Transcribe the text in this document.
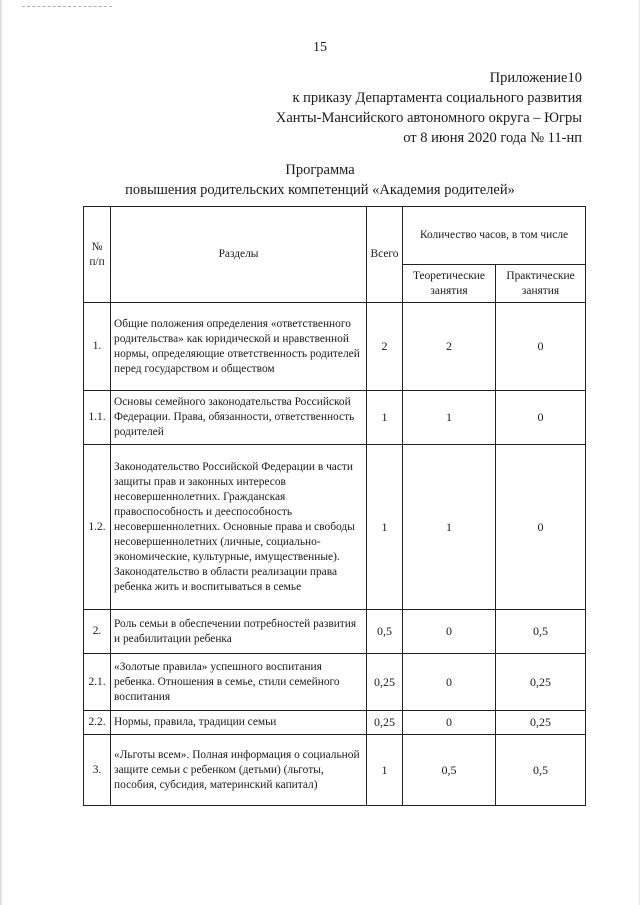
15
Приложение10
к приказу Департамента социального развития
Ханты-Мансийского автономного округа – Югры
от 8 июня 2020 года № 11-нп
Программа
повышения родительских компетенций «Академия родителей»
№ п/п	Разделы	Всего	Количество часов, в том числе	
			Теоретические занятия	Практические занятия
1.	Общие положения определения «ответственного родительства» как юридической и нравственной нормы, определяющие ответственность родителей перед государством и обществом	2	2	0
1.1.	Основы семейного законодательства Российской Федерации. Права, обязанности, ответственность родителей	1	1	0
1.2.	Законодательство Российской Федерации в части защиты прав и законных интересов несовершеннолетних. Гражданская правоспособность и дееспособность несовершеннолетних. Основные права и свободы несовершеннолетних (личные, социально-экономические, культурные, имущественные). Законодательство в области реализации права ребенка жить и воспитываться в семье	1	1	0
2.	Роль семьи в обеспечении потребностей развития и реабилитации ребенка	0,5	0	0,5
2.1.	«Золотые правила» успешного воспитания ребенка. Отношения в семье, стили семейного воспитания	0,25	0	0,25
2.2.	Нормы, правила, традиции семьи	0,25	0	0,25
3.	«Льготы всем». Полная информация о социальной защите семьи с ребенком (детьми) (льготы, пособия, субсидия, материнский капитал)	1	0,5	0,5
